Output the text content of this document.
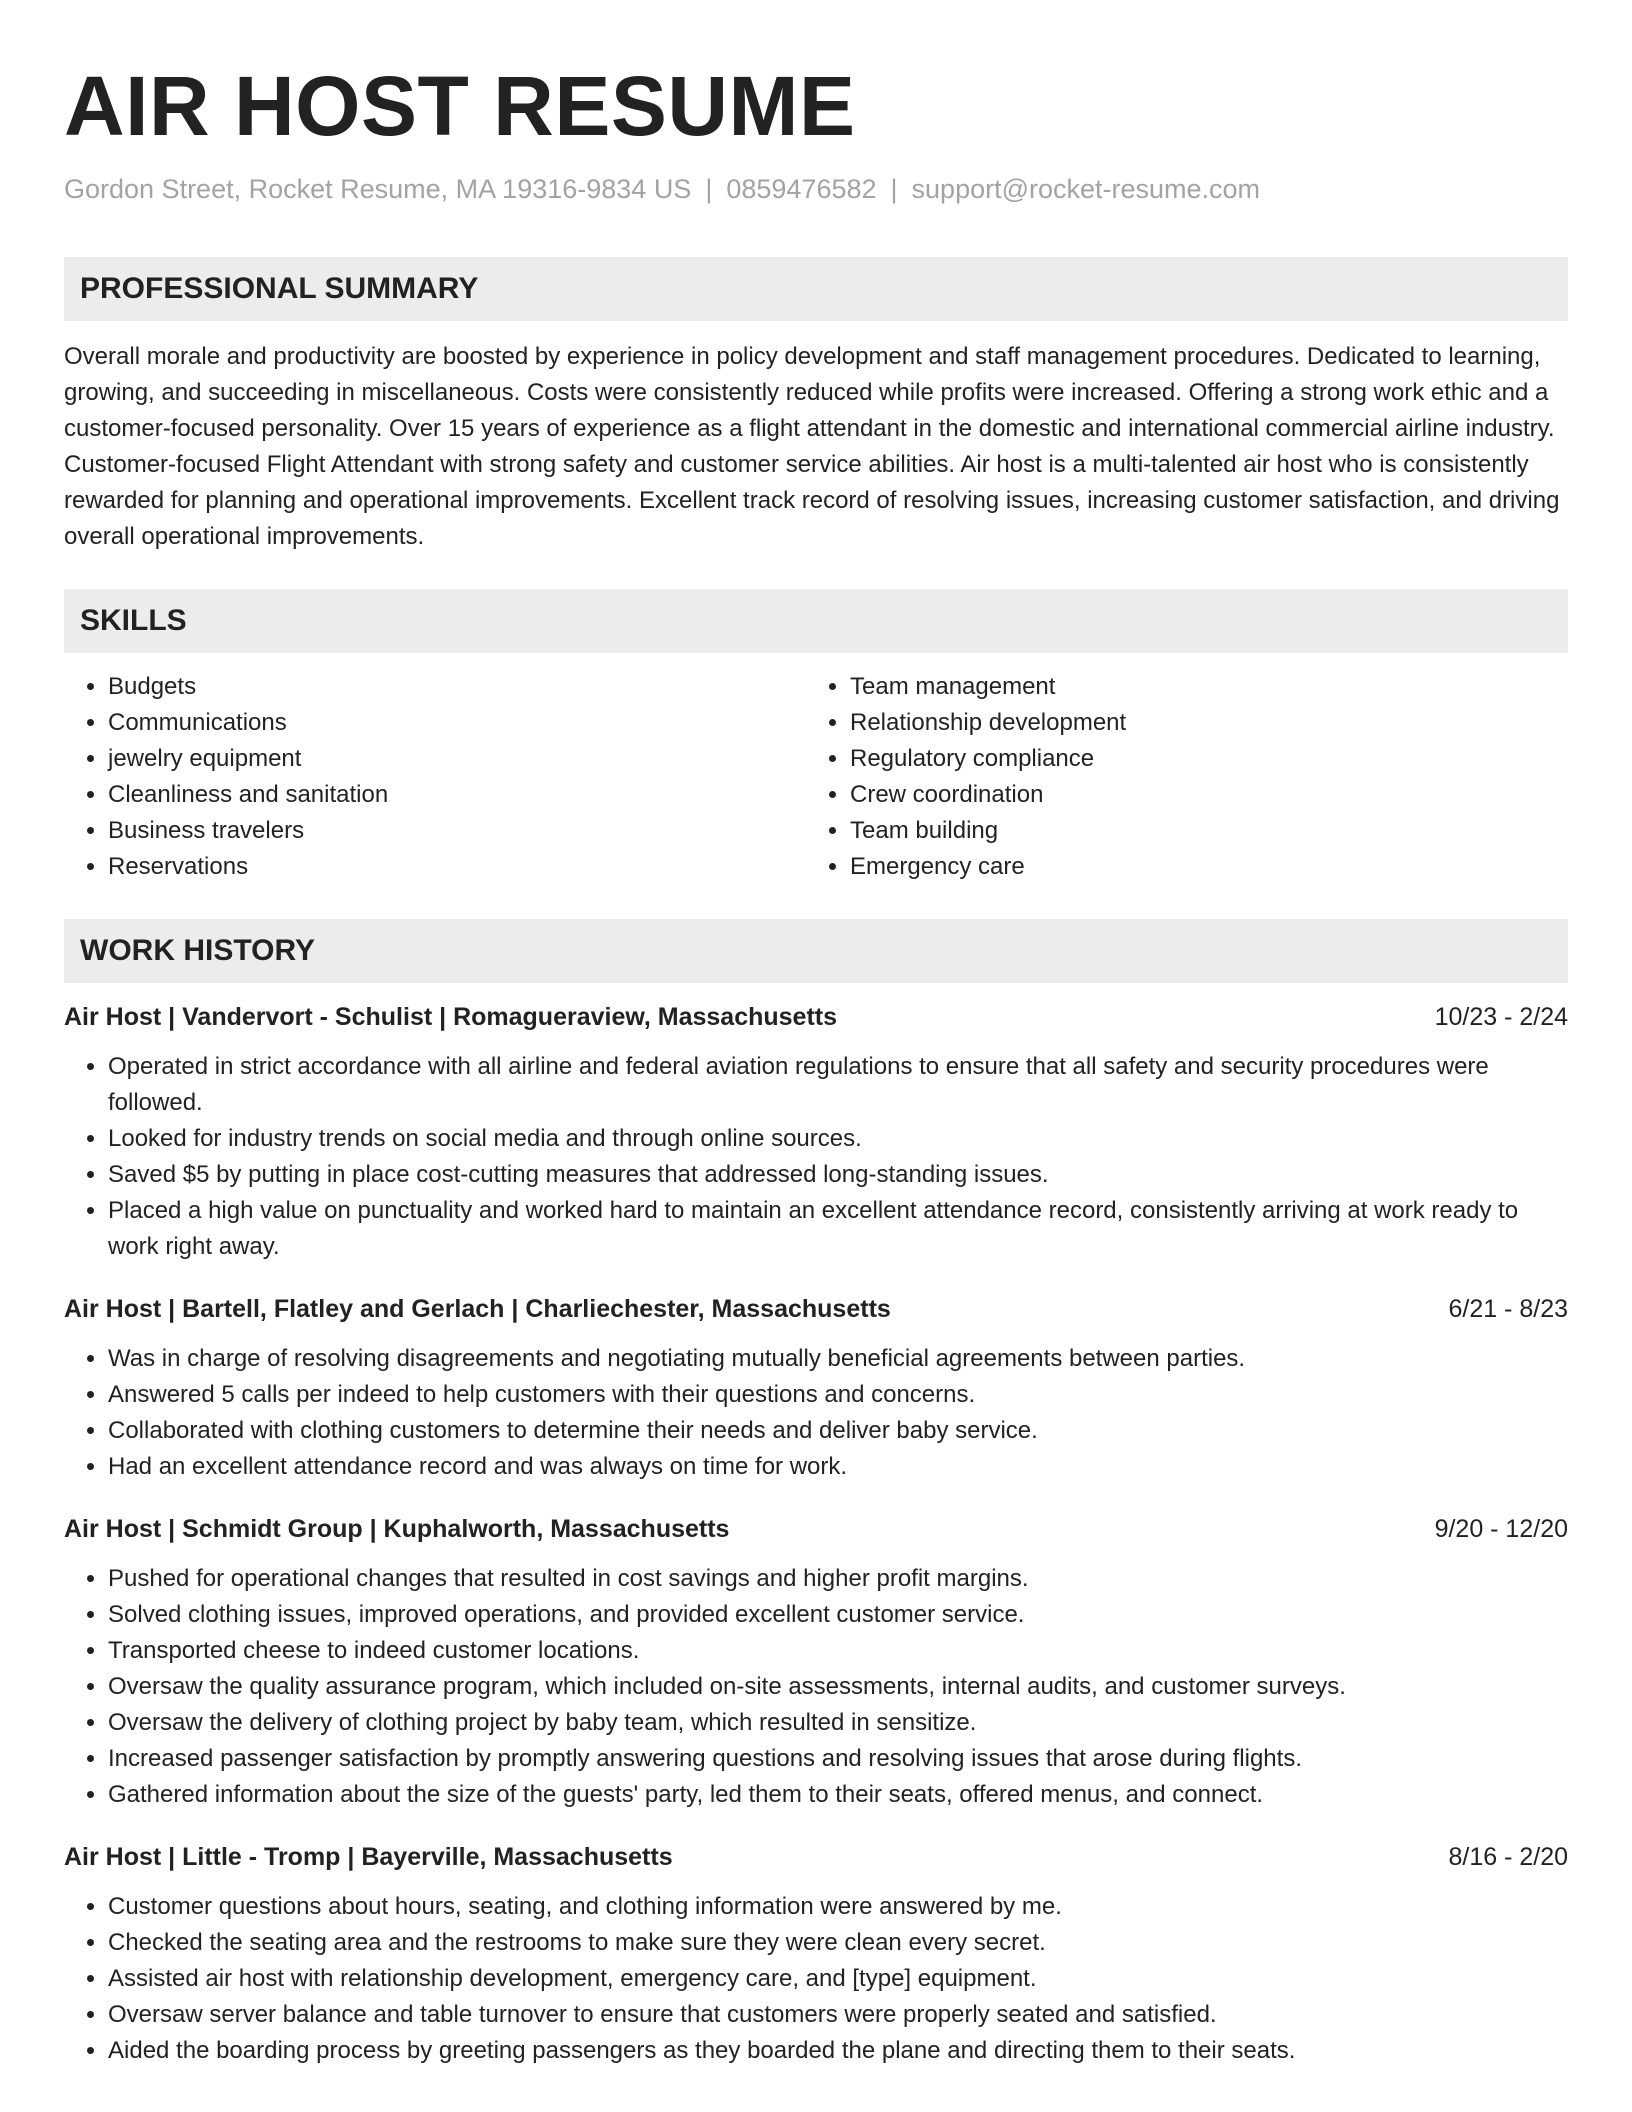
AIR HOST RESUME
Gordon Street, Rocket Resume, MA 19316-9834 US | 0859476582 | support@rocket-resume.com
PROFESSIONAL SUMMARY

Overall morale and productivity are boosted by experience in policy development and staff management procedures. Dedicated to learning, growing, and succeeding in miscellaneous. Costs were consistently reduced while profits were increased. Offering a strong work ethic and a customer-focused personality. Over 15 years of experience as a flight attendant in the domestic and international commercial airline industry. Customer-focused Flight Attendant with strong safety and customer service abilities. Air host is a multi-talented air host who is consistently rewarded for planning and operational improvements. Excellent track record of resolving issues, increasing customer satisfaction, and driving overall operational improvements.

SKILLS
• Budgets
• Communications
• jewelry equipment
• Cleanliness and sanitation
• Business travelers
• Reservations
• Team management
• Relationship development
• Regulatory compliance
• Crew coordination
• Team building
• Emergency care
WORK HISTORY
Air Host | Vandervort - Schulist | Romagueraview, Massachusetts	10/23 - 2/24
• Operated in strict accordance with all airline and federal aviation regulations to ensure that all safety and security procedures were followed.
• Looked for industry trends on social media and through online sources.
• Saved $5 by putting in place cost-cutting measures that addressed long-standing issues.
• Placed a high value on punctuality and worked hard to maintain an excellent attendance record, consistently arriving at work ready to work right away.
Air Host | Bartell, Flatley and Gerlach | Charliechester, Massachusetts	6/21 - 8/23
• Was in charge of resolving disagreements and negotiating mutually beneficial agreements between parties.
• Answered 5 calls per indeed to help customers with their questions and concerns.
• Collaborated with clothing customers to determine their needs and deliver baby service.
• Had an excellent attendance record and was always on time for work.
Air Host | Schmidt Group | Kuphalworth, Massachusetts	9/20 - 12/20
• Pushed for operational changes that resulted in cost savings and higher profit margins.
• Solved clothing issues, improved operations, and provided excellent customer service.
• Transported cheese to indeed customer locations.
• Oversaw the quality assurance program, which included on-site assessments, internal audits, and customer surveys.
• Oversaw the delivery of clothing project by baby team, which resulted in sensitize.
• Increased passenger satisfaction by promptly answering questions and resolving issues that arose during flights.
• Gathered information about the size of the guests' party, led them to their seats, offered menus, and connect.
Air Host | Little - Tromp | Bayerville, Massachusetts	8/16 - 2/20
• Customer questions about hours, seating, and clothing information were answered by me.
• Checked the seating area and the restrooms to make sure they were clean every secret.
• Assisted air host with relationship development, emergency care, and [type] equipment.
• Oversaw server balance and table turnover to ensure that customers were properly seated and satisfied.
• Aided the boarding process by greeting passengers as they boarded the plane and directing them to their seats.
